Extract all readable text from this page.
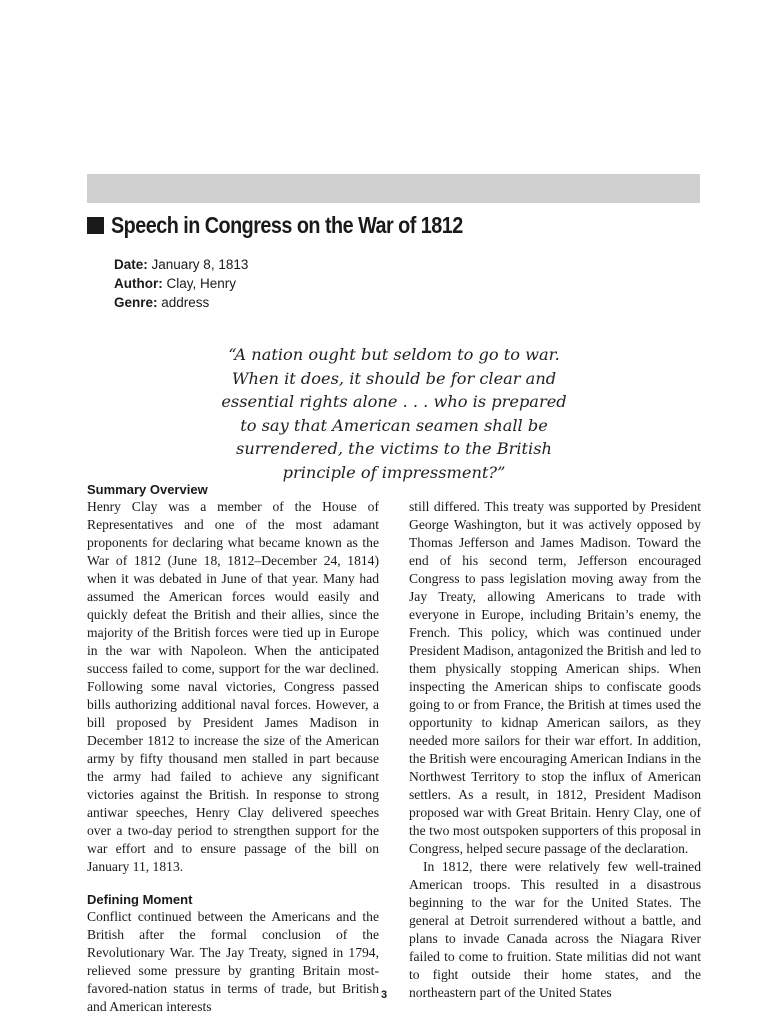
Speech in Congress on the War of 1812
Date: January 8, 1813
Author: Clay, Henry
Genre: address
“A nation ought but seldom to go to war. When it does, it should be for clear and essential rights alone . . . who is prepared to say that American seamen shall be surrendered, the victims to the British principle of impressment?”
Summary Overview

Henry Clay was a member of the House of Representatives and one of the most adamant proponents for declaring what became known as the War of 1812 (June 18, 1812–December 24, 1814) when it was debated in June of that year. Many had assumed the American forces would easily and quickly defeat the British and their allies, since the majority of the British forces were tied up in Europe in the war with Napoleon. When the anticipated success failed to come, support for the war declined. Following some naval victories, Congress passed bills authorizing additional naval forces. However, a bill proposed by President James Madison in December 1812 to increase the size of the American army by fifty thousand men stalled in part because the army had failed to achieve any significant victories against the British. In response to strong antiwar speeches, Henry Clay delivered speeches over a two-day period to strengthen support for the war effort and to ensure passage of the bill on January 11, 1813.

Defining Moment

Conflict continued between the Americans and the British after the formal conclusion of the Revolutionary War. The Jay Treaty, signed in 1794, relieved some pressure by granting Britain most-favored-nation status in terms of trade, but British and American interests

still differed. This treaty was supported by President George Washington, but it was actively opposed by Thomas Jefferson and James Madison. Toward the end of his second term, Jefferson encouraged Congress to pass legislation moving away from the Jay Treaty, allowing Americans to trade with everyone in Europe, including Britain’s enemy, the French. This policy, which was continued under President Madison, antagonized the British and led to them physically stopping American ships. When inspecting the American ships to confiscate goods going to or from France, the British at times used the opportunity to kidnap American sailors, as they needed more sailors for their war effort. In addition, the British were encouraging American Indians in the Northwest Territory to stop the influx of American settlers. As a result, in 1812, President Madison proposed war with Great Britain. Henry Clay, one of the two most outspoken supporters of this proposal in Congress, helped secure passage of the declaration.

In 1812, there were relatively few well-trained American troops. This resulted in a disastrous beginning to the war for the United States. The general at Detroit surrendered without a battle, and plans to invade Canada across the Niagara River failed to come to fruition. State militias did not want to fight outside their home states, and the northeastern part of the United States

3
